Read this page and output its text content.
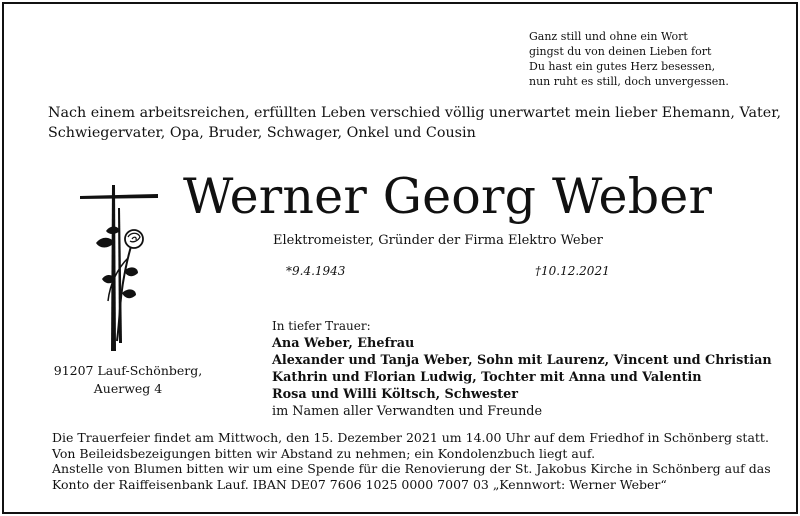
Ganz still und ohne ein Wort
gingst du von deinen Lieben fort
Du hast ein gutes Herz besessen,
nun ruht es still, doch unvergessen.
Nach einem arbeitsreichen, erfüllten Leben verschied völlig unerwartet mein lieber Ehemann, Vater,
Schwiegervater, Opa, Bruder, Schwager, Onkel und Cousin
Werner Georg Weber
Elektromeister, Gründer der Firma Elektro Weber
*9.4.1943	†10.12.2021
91207 Lauf-Schönberg,
Auerweg 4
In tiefer Trauer:
Ana Weber, Ehefrau
Alexander und Tanja Weber, Sohn mit Laurenz, Vincent und Christian
Kathrin und Florian Ludwig, Tochter mit Anna und Valentin
Rosa und Willi Költsch, Schwester
im Namen aller Verwandten und Freunde
Die Trauerfeier findet am Mittwoch, den 15. Dezember 2021 um 14.00 Uhr auf dem Friedhof in Schönberg statt.
Von Beileidsbezeigungen bitten wir Abstand zu nehmen; ein Kondolenzbuch liegt auf.
Anstelle von Blumen bitten wir um eine Spende für die Renovierung der St. Jakobus Kirche in Schönberg auf das
Konto der Raiffeisenbank Lauf. IBAN DE07 7606 1025 0000 7007 03 „Kennwort: Werner Weber“
